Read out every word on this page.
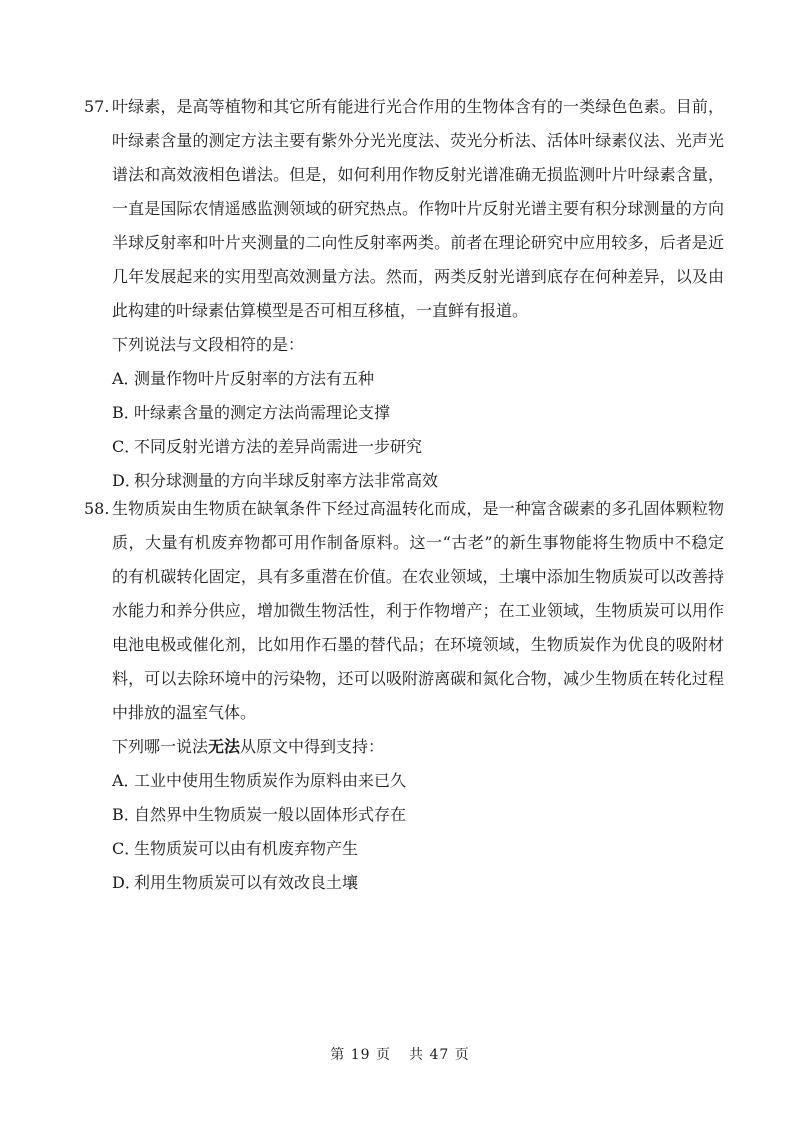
57. 叶绿素，是高等植物和其它所有能进行光合作用的生物体含有的一类绿色色素。目前，
叶绿素含量的测定方法主要有紫外分光光度法、荧光分析法、活体叶绿素仪法、光声光
谱法和高效液相色谱法。但是，如何利用作物反射光谱准确无损监测叶片叶绿素含量，
一直是国际农情遥感监测领域的研究热点。作物叶片反射光谱主要有积分球测量的方向
半球反射率和叶片夹测量的二向性反射率两类。前者在理论研究中应用较多，后者是近
几年发展起来的实用型高效测量方法。然而，两类反射光谱到底存在何种差异，以及由
此构建的叶绿素估算模型是否可相互移植，一直鲜有报道。
下列说法与文段相符的是：
A．测量作物叶片反射率的方法有五种
B．叶绿素含量的测定方法尚需理论支撑
C．不同反射光谱方法的差异尚需进一步研究
D．积分球测量的方向半球反射率方法非常高效
58. 生物质炭由生物质在缺氧条件下经过高温转化而成，是一种富含碳素的多孔固体颗粒物
质，大量有机废弃物都可用作制备原料。这一“古老”的新生事物能将生物质中不稳定
的有机碳转化固定，具有多重潜在价值。在农业领域，土壤中添加生物质炭可以改善持
水能力和养分供应，增加微生物活性，利于作物增产；在工业领域，生物质炭可以用作
电池电极或催化剂，比如用作石墨的替代品；在环境领域，生物质炭作为优良的吸附材
料，可以去除环境中的污染物，还可以吸附游离碳和氮化合物，减少生物质在转化过程
中排放的温室气体。
下列哪一说法无法从原文中得到支持：
A．工业中使用生物质炭作为原料由来已久
B．自然界中生物质炭一般以固体形式存在
C．生物质炭可以由有机废弃物产生
D．利用生物质炭可以有效改良土壤
第 19 页 共 47 页
